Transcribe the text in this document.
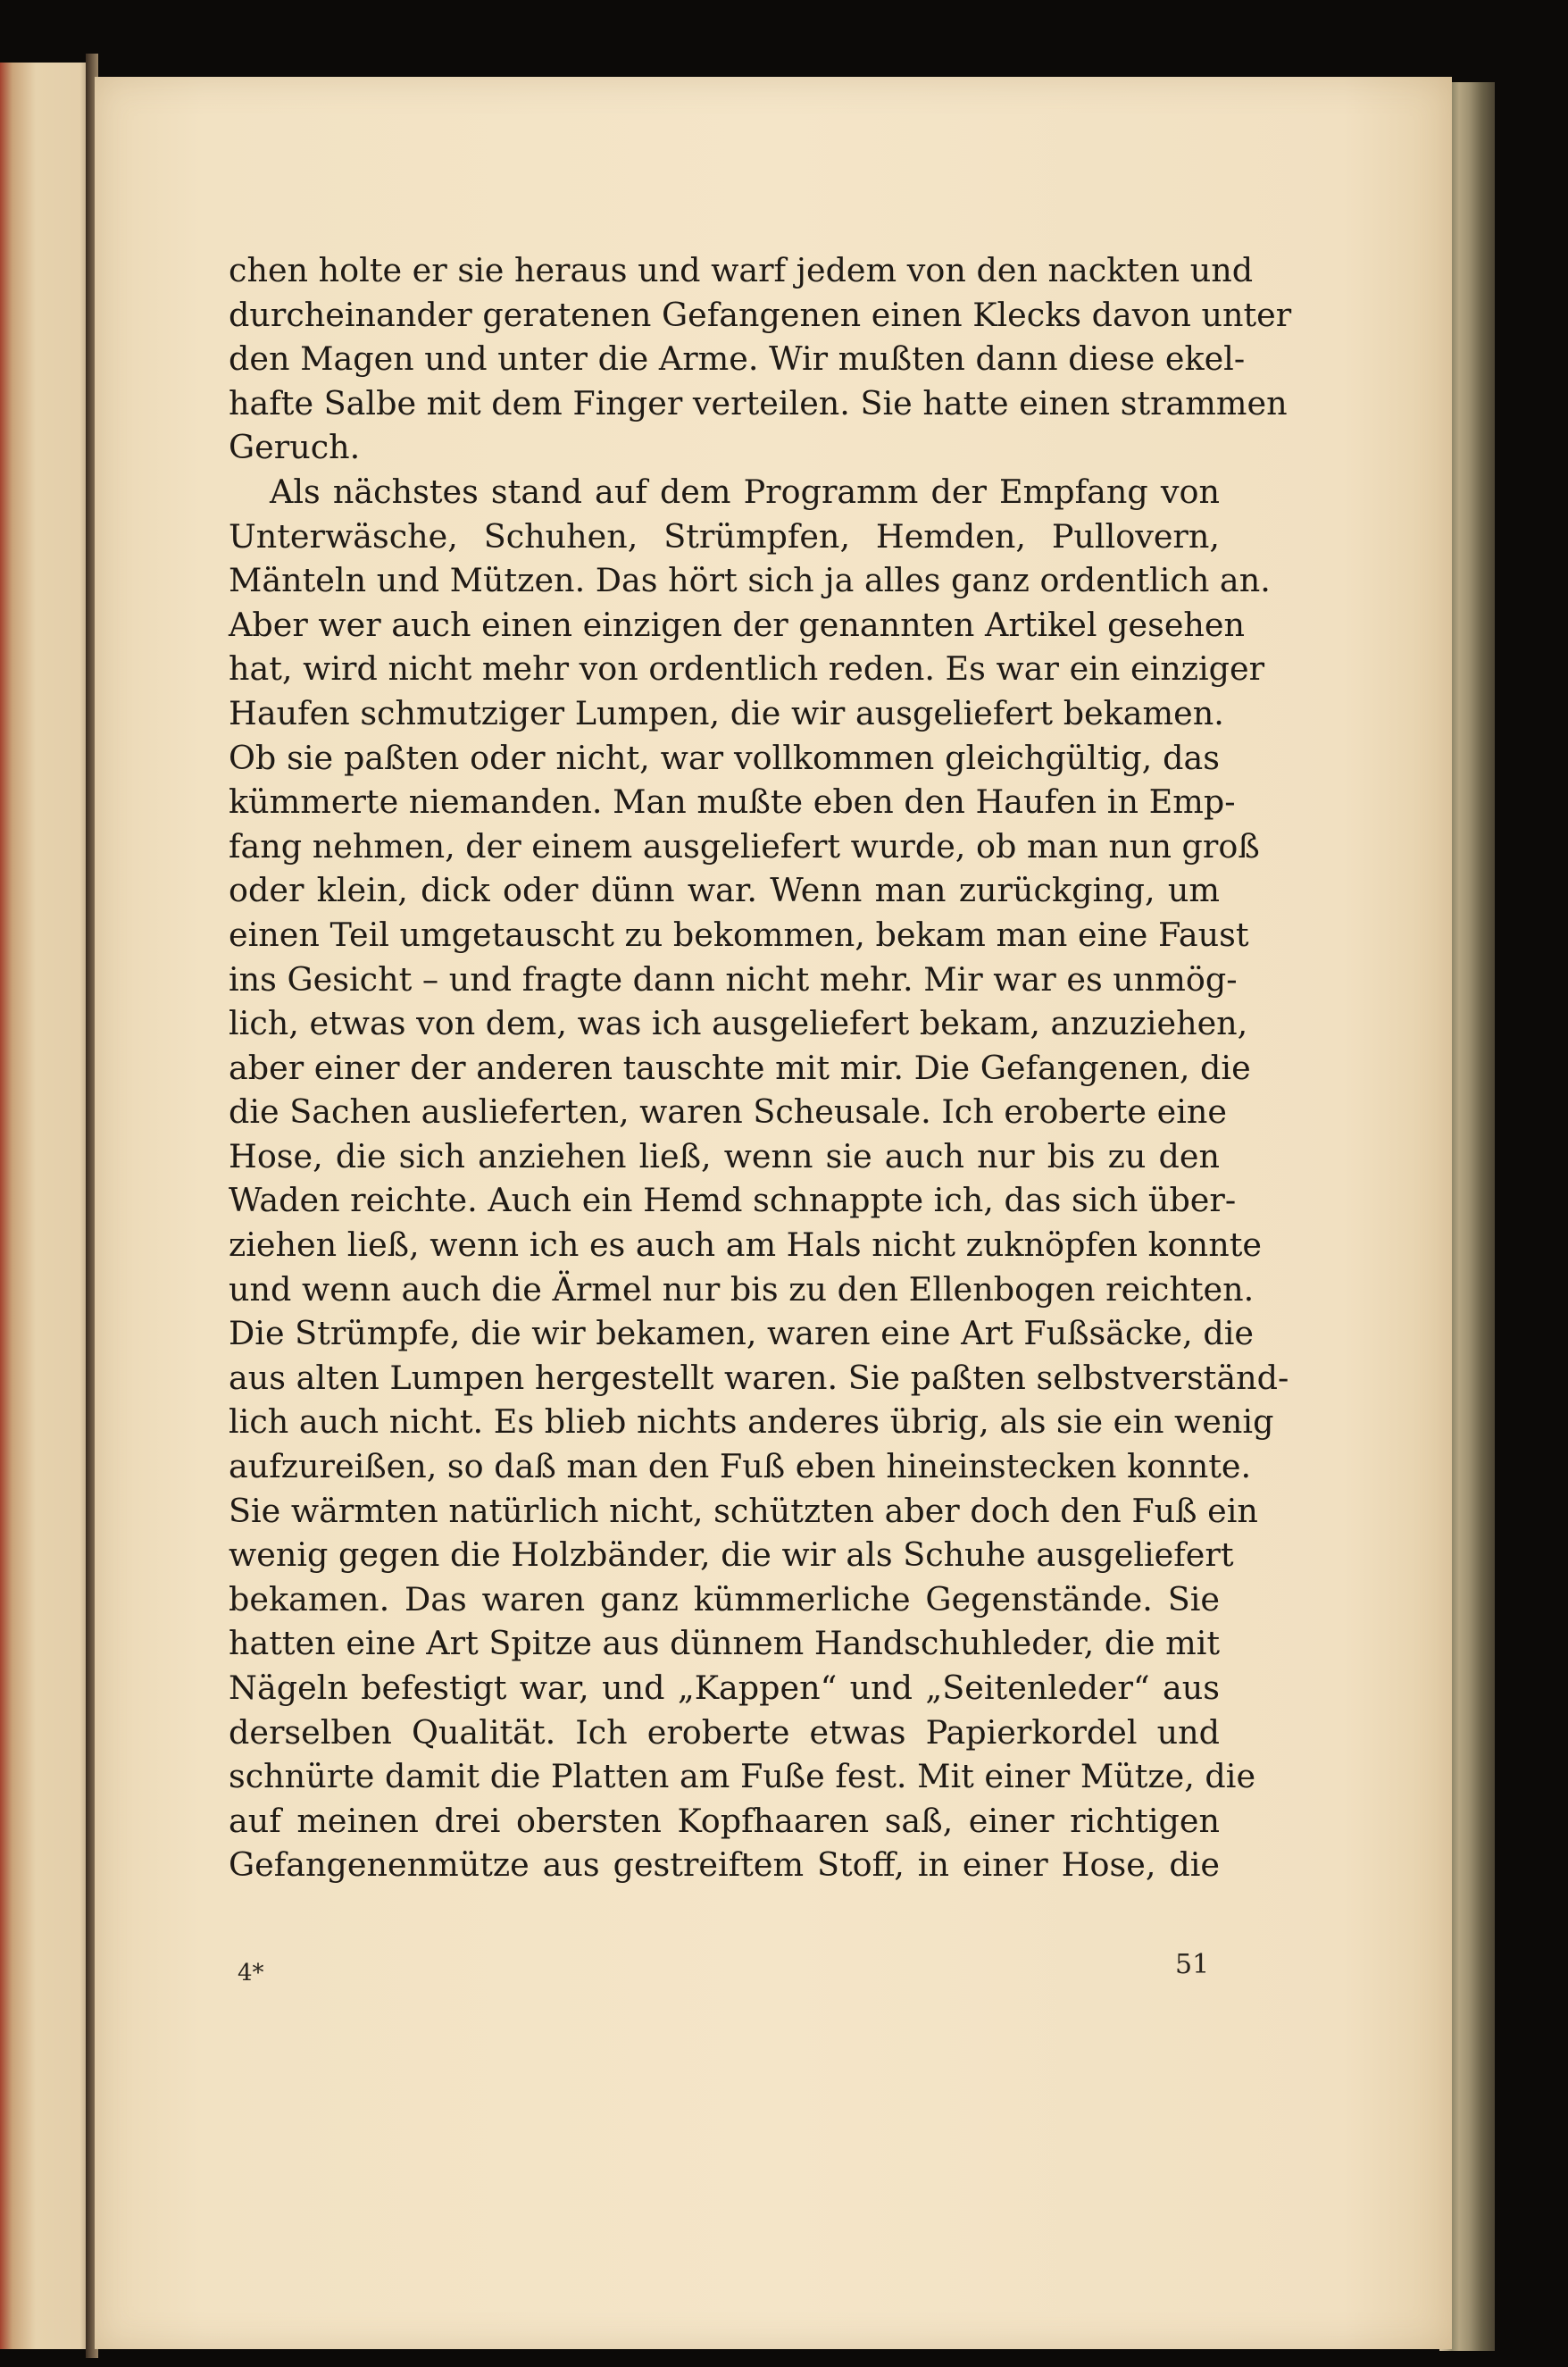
chen holte er sie heraus und warf jedem von den nackten und
durcheinander geratenen Gefangenen einen Klecks davon unter
den Magen und unter die Arme. Wir mußten dann diese ekel-
hafte Salbe mit dem Finger verteilen. Sie hatte einen strammen
Geruch.
Als nächstes stand auf dem Programm der Empfang von
Unterwäsche, Schuhen, Strümpfen, Hemden, Pullovern,
Mänteln und Mützen. Das hört sich ja alles ganz ordentlich an.
Aber wer auch einen einzigen der genannten Artikel gesehen
hat, wird nicht mehr von ordentlich reden. Es war ein einziger
Haufen schmutziger Lumpen, die wir ausgeliefert bekamen.
Ob sie paßten oder nicht, war vollkommen gleichgültig, das
kümmerte niemanden. Man mußte eben den Haufen in Emp-
fang nehmen, der einem ausgeliefert wurde, ob man nun groß
oder klein, dick oder dünn war. Wenn man zurückging, um
einen Teil umgetauscht zu bekommen, bekam man eine Faust
ins Gesicht – und fragte dann nicht mehr. Mir war es unmög-
lich, etwas von dem, was ich ausgeliefert bekam, anzuziehen,
aber einer der anderen tauschte mit mir. Die Gefangenen, die
die Sachen auslieferten, waren Scheusale. Ich eroberte eine
Hose, die sich anziehen ließ, wenn sie auch nur bis zu den
Waden reichte. Auch ein Hemd schnappte ich, das sich über-
ziehen ließ, wenn ich es auch am Hals nicht zuknöpfen konnte
und wenn auch die Ärmel nur bis zu den Ellenbogen reichten.
Die Strümpfe, die wir bekamen, waren eine Art Fußsäcke, die
aus alten Lumpen hergestellt waren. Sie paßten selbstverständ-
lich auch nicht. Es blieb nichts anderes übrig, als sie ein wenig
aufzureißen, so daß man den Fuß eben hineinstecken konnte.
Sie wärmten natürlich nicht, schützten aber doch den Fuß ein
wenig gegen die Holzbänder, die wir als Schuhe ausgeliefert
bekamen. Das waren ganz kümmerliche Gegenstände. Sie
hatten eine Art Spitze aus dünnem Handschuhleder, die mit
Nägeln befestigt war, und „Kappen“ und „Seitenleder“ aus
derselben Qualität. Ich eroberte etwas Papierkordel und
schnürte damit die Platten am Fuße fest. Mit einer Mütze, die
auf meinen drei obersten Kopfhaaren saß, einer richtigen
Gefangenenmütze aus gestreiftem Stoff, in einer Hose, die
4*	51
